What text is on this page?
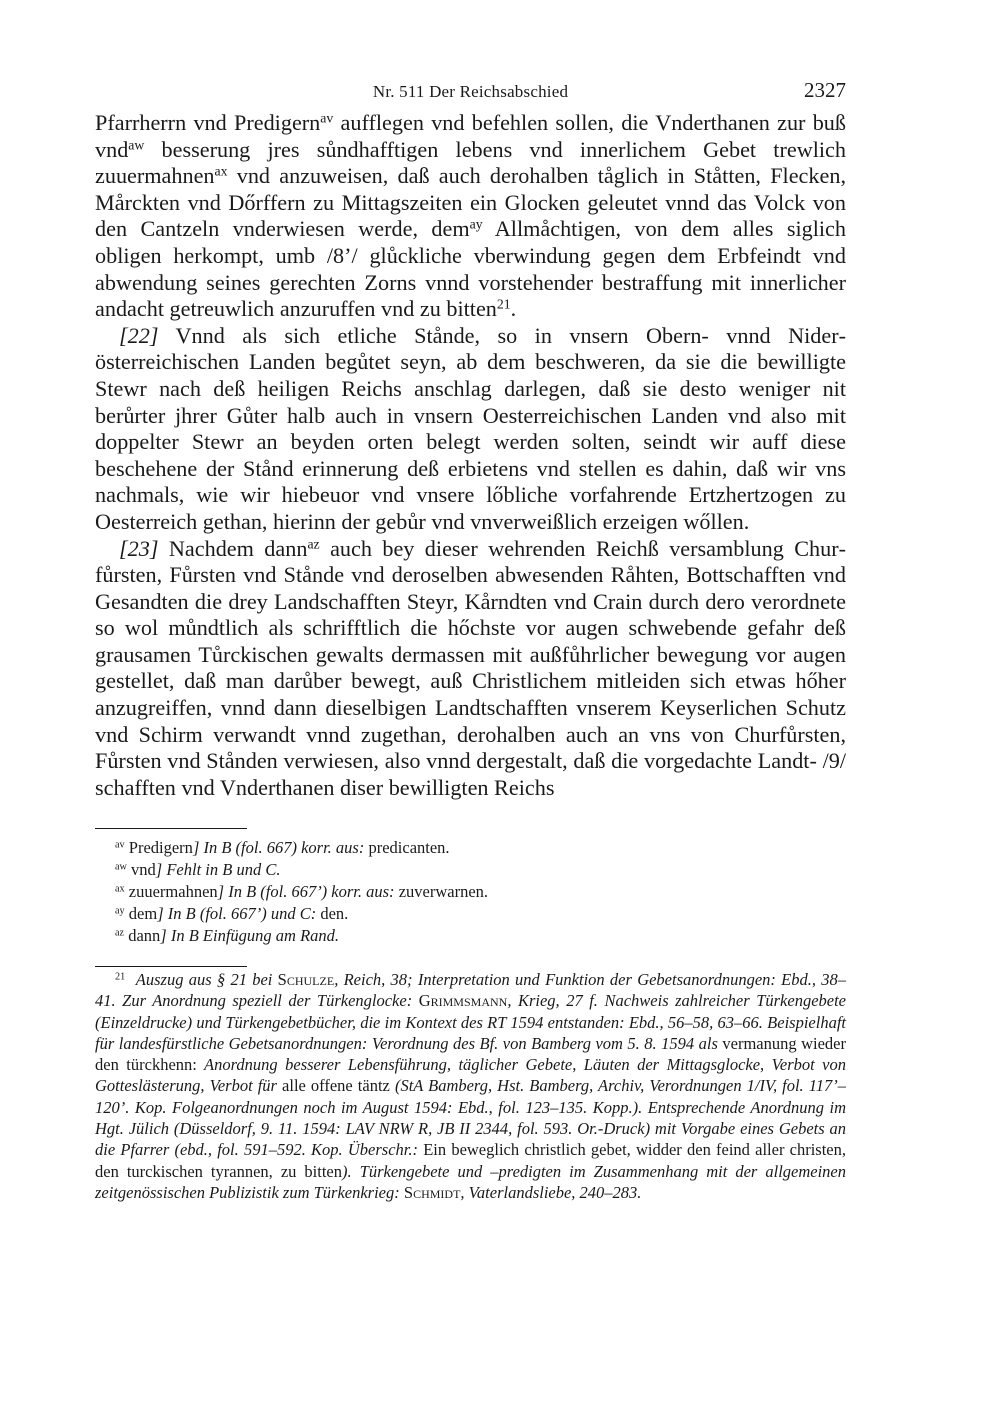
Nr. 511 Der Reichsabschied	2327

Pfarrherrn vnd Predigern$^{av}$ aufflegen vnd befehlen sollen, die Vnderthanen zur buß vnd$^{aw}$ besserung jres sůndhafftigen lebens vnd innerlichem Gebet trewlich zuuermahnen$^{ax}$ vnd anzuweisen, daß auch derohalben tåglich in Ståtten, Flecken, Mårckten vnd Dőrffern zu Mittagszeiten ein Glocken geleutet vnnd das Volck von den Cantzeln vnderwiesen werde, dem$^{ay}$ Allmåchtigen, von dem alles siglich obligen herkompt, umb /8’/ glůckliche vberwindung gegen dem Erbfeindt vnd abwendung seines gerechten Zorns vnnd vorstehender bestraffung mit innerlicher andacht getreuwlich anzuruffen vnd zu bitten$^{21}$.

[22] Vnnd als sich etliche Stånde, so in vnsern Obern- vnnd Niderösterreichischen Landen begůtet seyn, ab dem beschweren, da sie die bewilligte Stewr nach deß heiligen Reichs anschlag darlegen, daß sie desto weniger nit berůrter jhrer Gůter halb auch in vnsern Oesterreichischen Landen vnd also mit doppelter Stewr an beyden orten belegt werden solten, seindt wir auff diese beschehene der Stånd erinnerung deß erbietens vnd stellen es dahin, daß wir vns nachmals, wie wir hiebeuor vnd vnsere lőbliche vorfahrende Ertzhertzogen zu Oesterreich gethan, hierinn der gebůr vnd vnverweißlich erzeigen wőllen.

[23] Nachdem dann$^{az}$ auch bey dieser wehrenden Reichß versamblung Churfůrsten, Fůrsten vnd Stånde vnd deroselben abwesenden Råhten, Bottschafften vnd Gesandten die drey Landschafften Steyr, Kårndten vnd Crain durch dero verordnete so wol můndtlich als schrifftlich die hőchste vor augen schwebende gefahr deß grausamen Tůrckischen gewalts dermassen mit außfůhrlicher bewegung vor augen gestellet, daß man darůber bewegt, auß Christlichem mitleiden sich etwas hőher anzugreiffen, vnnd dann dieselbigen Landtschafften vnserem Keyserlichen Schutz vnd Schirm verwandt vnnd zugethan, derohalben auch an vns von Churfůrsten, Fůrsten vnd Stånden verwiesen, also vnnd dergestalt, daß die vorgedachte Landt- /9/ schafften vnd Vnderthanen diser bewilligten Reichs

$^{av}$ Predigern] In B (fol. 667) korr. aus: predicanten.
$^{aw}$ vnd] Fehlt in B und C.
$^{ax}$ zuuermahnen] In B (fol. 667’) korr. aus: zuverwarnen.
$^{ay}$ dem] In B (fol. 667’) und C: den.
$^{az}$ dann] In B Einfügung am Rand.
$^{21}$ Auszug aus § 21 bei Schulze, Reich, 38; Interpretation und Funktion der Gebetsanordnungen: Ebd., 38–41. Zur Anordnung speziell der Türkenglocke: Grimmsmann, Krieg, 27 f. Nachweis zahlreicher Türkengebete (Einzeldrucke) und Türkengebetbücher, die im Kontext des RT 1594 entstanden: Ebd., 56–58, 63–66. Beispielhaft für landesfürstliche Gebetsanordnungen: Verordnung des Bf. von Bamberg vom 5. 8. 1594 als vermanung wieder den türckhenn: Anordnung besserer Lebensführung, täglicher Gebete, Läuten der Mittagsglocke, Verbot von Gotteslästerung, Verbot für alle offene täntz (StA Bamberg, Hst. Bamberg, Archiv, Verordnungen 1/IV, fol. 117’–120’. Kop. Folgeanordnungen noch im August 1594: Ebd., fol. 123–135. Kopp.). Entsprechende Anordnung im Hgt. Jülich (Düsseldorf, 9. 11. 1594: LAV NRW R, JB II 2344, fol. 593. Or.-Druck) mit Vorgabe eines Gebets an die Pfarrer (ebd., fol. 591–592. Kop. Überschr.: Ein beweglich christlich gebet, widder den feind aller christen, den turckischen tyrannen, zu bitten). Türkengebete und –predigten im Zusammenhang mit der allgemeinen zeitgenössischen Publizistik zum Türkenkrieg: Schmidt, Vaterlandsliebe, 240–283.
